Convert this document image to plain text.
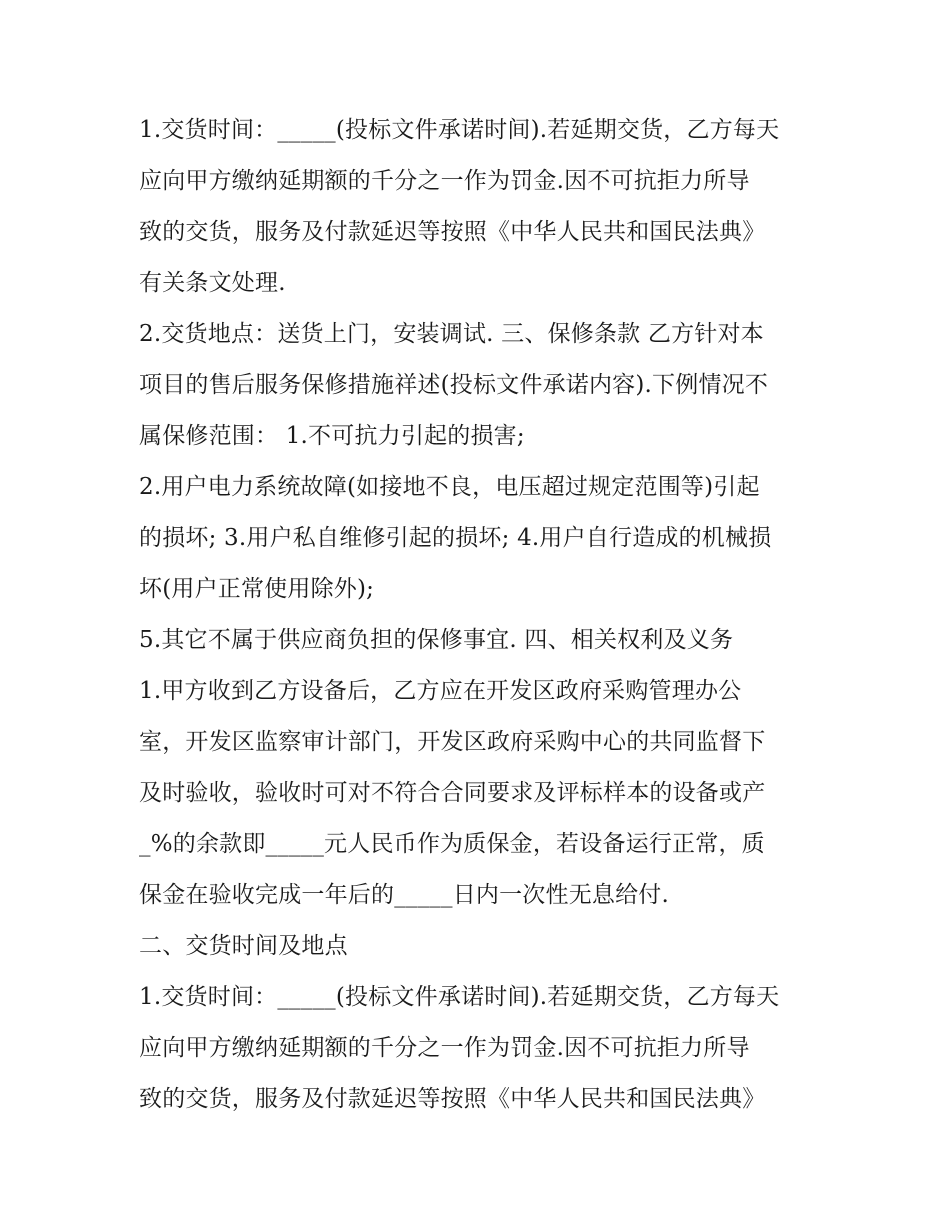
1.交货时间：_____(投标文件承诺时间).若延期交货，乙方每天
应向甲方缴纳延期额的千分之一作为罚金.因不可抗拒力所导
致的交货，服务及付款延迟等按照《中华人民共和国民法典》
有关条文处理.
2.交货地点：送货上门，安装调试. 三、保修条款 乙方针对本
项目的售后服务保修措施祥述(投标文件承诺内容).下例情况不
属保修范围： 1.不可抗力引起的损害;
2.用户电力系统故障(如接地不良，电压超过规定范围等)引起
的损坏; 3.用户私自维修引起的损坏; 4.用户自行造成的机械损
坏(用户正常使用除外);
5.其它不属于供应商负担的保修事宜. 四、相关权利及义务
1.甲方收到乙方设备后，乙方应在开发区政府采购管理办公
室，开发区监察审计部门，开发区政府采购中心的共同监督下
及时验收，验收时可对不符合合同要求及评标样本的设备或产
_%的余款即_____元人民币作为质保金，若设备运行正常，质
保金在验收完成一年后的_____日内一次性无息给付.
二、交货时间及地点
1.交货时间：_____(投标文件承诺时间).若延期交货，乙方每天
应向甲方缴纳延期额的千分之一作为罚金.因不可抗拒力所导
致的交货，服务及付款延迟等按照《中华人民共和国民法典》
